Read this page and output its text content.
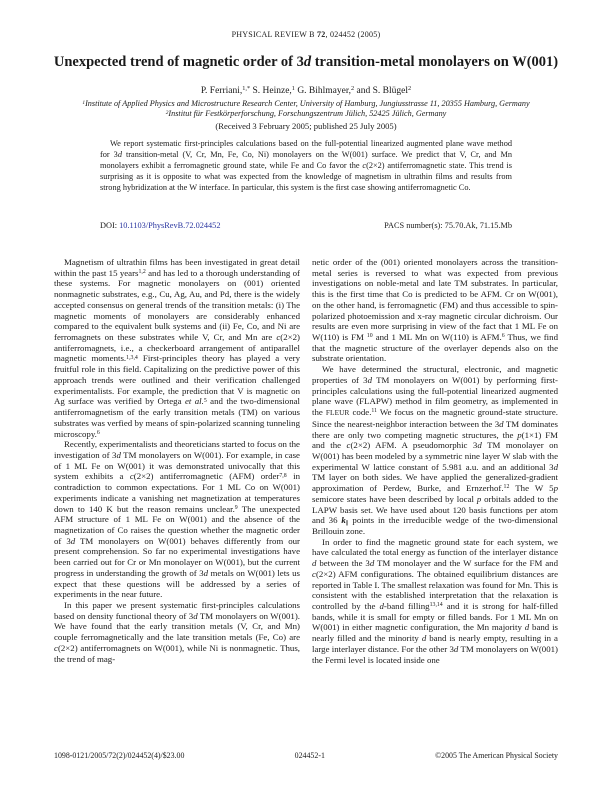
PHYSICAL REVIEW B 72, 024452 (2005)
Unexpected trend of magnetic order of 3d transition-metal monolayers on W(001)
P. Ferriani,$^{1,*}$ S. Heinze,$^1$ G. Bihlmayer,$^2$ and S. Blügel$^2$
$^1$Institute of Applied Physics and Microstructure Research Center, University of Hamburg, Jungiusstrasse 11, 20355 Hamburg, Germany
$^2$Institut für Festkörperforschung, Forschungszentrum Jülich, 52425 Jülich, Germany
(Received 3 February 2005; published 25 July 2005)
We report systematic first-principles calculations based on the full-potential linearized augmented plane wave method for 3d transition-metal (V, Cr, Mn, Fe, Co, Ni) monolayers on the W(001) surface. We predict that V, Cr, and Mn monolayers exhibit a ferromagnetic ground state, while Fe and Co favor the c(2×2) antiferromagnetic state. This trend is surprising as it is opposite to what was expected from the knowledge of magnetism in ultrathin films and results from strong hybridization at the W interface. In particular, this system is the first case showing antiferromagnetic Co.
DOI: 10.1103/PhysRevB.72.024452	PACS number(s): 75.70.Ak, 71.15.Mb

Magnetism of ultrathin films has been investigated in great detail within the past 15 years$^{1,2}$ and has led to a thorough understanding of these systems. For magnetic monolayers on (001) oriented nonmagnetic substrates, e.g., Cu, Ag, Au, and Pd, there is the widely accepted consensus on general trends of the transition metals: (i) The magnetic moments of monolayers are considerably enhanced compared to the equivalent bulk systems and (ii) Fe, Co, and Ni are ferromagnets on these substrates while V, Cr, and Mn are c(2×2) antiferromagnets, i.e., a checkerboard arrangement of antiparallel magnetic moments.$^{1,3,4}$ First-principles theory has played a very fruitful role in this field. Capitalizing on the predictive power of this approach trends were outlined and their verification challenged experimentalists. For example, the prediction that V is magnetic on Ag surface was verified by Ortega et al.$^5$ and the two-dimensional antiferromagnetism of the early transition metals (TM) on various substrates was verfied by means of spin-polarized scanning tunneling microscopy.$^6$

Recently, experimentalists and theoreticians started to focus on the investigation of 3d TM monolayers on W(001). For example, in case of 1 ML Fe on W(001) it was demonstrated univocally that this system exhibits a c(2×2) antiferromagnetic (AFM) order$^{7,8}$ in contradiction to common expectations. For 1 ML Co on W(001) experiments indicate a vanishing net magnetization at temperatures down to 140 K but the reason remains unclear.$^9$ The unexpected AFM structure of 1 ML Fe on W(001) and the absence of the magnetization of Co raises the question whether the magnetic order of 3d TM monolayers on W(001) behaves differently from our present comprehension. So far no experimental investigations have been carried out for Cr or Mn monolayer on W(001), but the current progress in understanding the growth of 3d metals on W(001) lets us expect that these questions will be addressed by a series of experiments in the near future.

In this paper we present systematic first-principles calculations based on density functional theory of 3d TM monolayers on W(001). We have found that the early transition metals (V, Cr, and Mn) couple ferromagnetically and the late transition metals (Fe, Co) are c(2×2) antiferromagnets on W(001), while Ni is nonmagnetic. Thus, the trend of mag-

netic order of the (001) oriented monolayers across the transition-metal series is reversed to what was expected from previous investigations on noble-metal and late TM substrates. In particular, this is the first time that Co is predicted to be AFM. Cr on W(001), on the other hand, is ferromagnetic (FM) and thus accessible to spin-polarized photoemission and x-ray magnetic circular dichroism. Our results are even more surprising in view of the fact that 1 ML Fe on W(110) is FM $^{10}$ and 1 ML Mn on W(110) is AFM.$^6$ Thus, we find that the magnetic structure of the overlayer depends also on the substrate orientation.

We have determined the structural, electronic, and magnetic properties of 3d TM monolayers on W(001) by performing first-principles calculations using the full-potential linearized augmented plane wave (FLAPW) method in film geometry, as implemented in the FLEUR code.$^{11}$ We focus on the magnetic ground-state structure. Since the nearest-neighbor interaction between the 3d TM dominates there are only two competing magnetic structures, the p(1×1) FM and the c(2×2) AFM. A pseudomorphic 3d TM monolayer on W(001) has been modeled by a symmetric nine layer W slab with the experimental W lattice constant of 5.981 a.u. and an additional 3d TM layer on both sides. We have applied the generalized-gradient approximation of Perdew, Burke, and Ernzerhof.$^{12}$ The W 5p semicore states have been described by local p orbitals added to the LAPW basis set. We have used about 120 basis functions per atom and 36 $k_\parallel$ points in the irreducible wedge of the two-dimensional Brillouin zone.

In order to find the magnetic ground state for each system, we have calculated the total energy as function of the interlayer distance d between the 3d TM monolayer and the W surface for the FM and c(2×2) AFM configurations. The obtained equilibrium distances are reported in Table I. The smallest relaxation was found for Mn. This is consistent with the established interpretation that the relaxation is controlled by the d-band filling$^{13,14}$ and it is strong for half-filled bands, while it is small for empty or filled bands. For 1 ML Mn on W(001) in either magnetic configuration, the Mn majority d band is nearly filled and the minority d band is nearly empty, resulting in a large interlayer distance. For the other 3d TM monolayers on W(001) the Fermi level is located inside one

1098-0121/2005/72(2)/024452(4)/$23.00	024452-1	©2005 The American Physical Society
